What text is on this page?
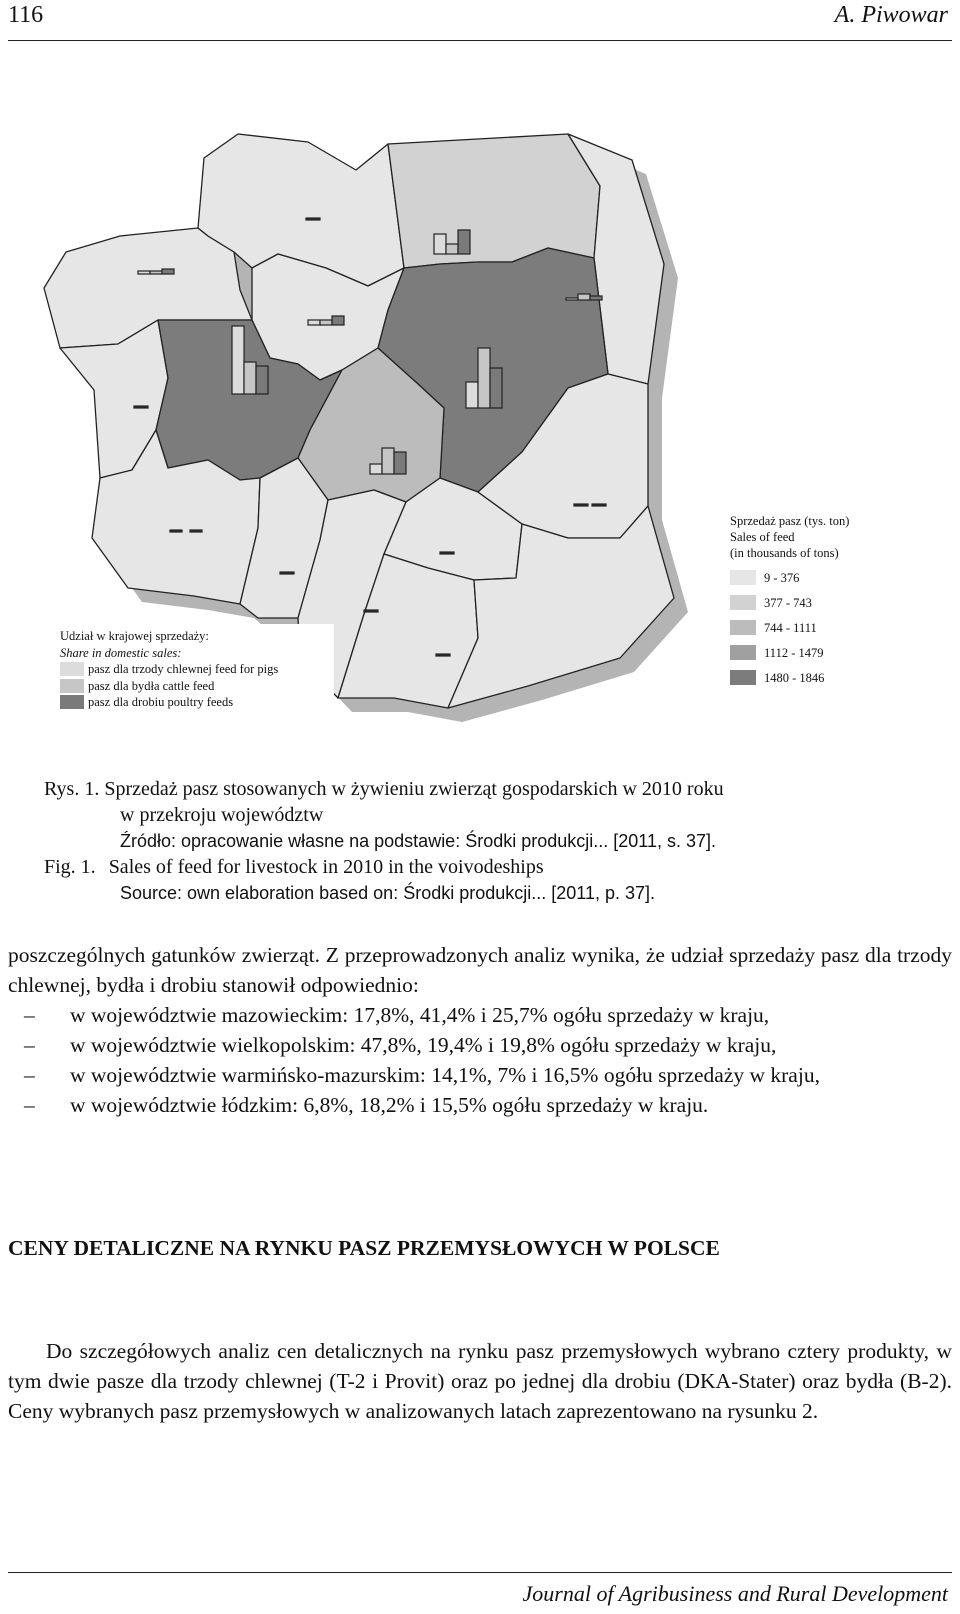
116	A. Piwowar
Udział w krajowej sprzedaży:
Share in domestic sales:
pasz dla trzody chlewnej feed for pigs
pasz dla bydła cattle feed
pasz dla drobiu poultry feeds
Sprzedaż pasz (tys. ton)
Sales of feed
(in thousands of tons)
9 - 376
377 - 743
744 - 1111
1112 - 1479
1480 - 1846
Rys. 1. Sprzedaż pasz stosowanych w żywieniu zwierząt gospodarskich w 2010 roku
w przekroju województw
Źródło: opracowanie własne na podstawie: Środki produkcji... [2011, s. 37].
Fig. 1. Sales of feed for livestock in 2010 in the voivodeships
Source: own elaboration based on: Środki produkcji... [2011, p. 37].

poszczególnych gatunków zwierząt. Z przeprowadzonych analiz wynika, że udział sprzedaży pasz dla trzody chlewnej, bydła i drobiu stanowił odpowiednio:

– w województwie mazowieckim: 17,8%, 41,4% i 25,7% ogółu sprzedaży w kraju,
– w województwie wielkopolskim: 47,8%, 19,4% i 19,8% ogółu sprzedaży w kraju,
– w województwie warmińsko-mazurskim: 14,1%, 7% i 16,5% ogółu sprzedaży w kraju,
– w województwie łódzkim: 6,8%, 18,2% i 15,5% ogółu sprzedaży w kraju.
CENY DETALICZNE NA RYNKU PASZ PRZEMYSŁOWYCH W POLSCE

Do szczegółowych analiz cen detalicznych na rynku pasz przemysłowych wybrano cztery produkty, w tym dwie pasze dla trzody chlewnej (T-2 i Provit) oraz po jednej dla drobiu (DKA-Stater) oraz bydła (B-2). Ceny wybranych pasz przemysłowych w analizowanych latach zaprezentowano na rysunku 2.

Journal of Agribusiness and Rural Development
